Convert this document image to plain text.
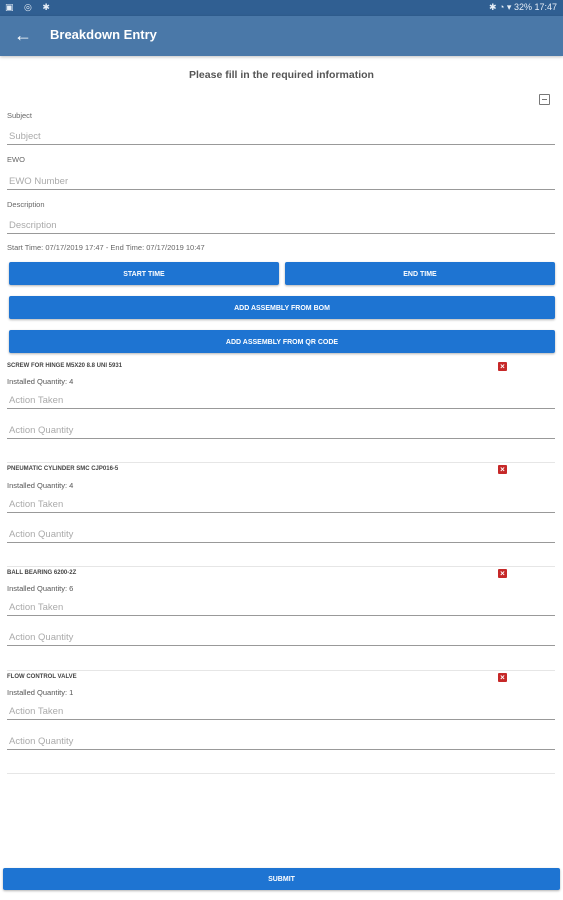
▣ ◎ ✱	✱ ◔ ▾ 32% 17:47
← Breakdown Entry
Please fill in the required information
Subject
Subject
EWO
EWO Number
Description
Description
Start Time: 07/17/2019 17:47 - End Time: 07/17/2019 10:47
START TIME	END TIME
ADD ASSEMBLY FROM BOM
ADD ASSEMBLY FROM QR CODE
SCREW FOR HINGE M5X20 8.8 UNI 5931	×
Installed Quantity: 4
Action Taken
Action Quantity
PNEUMATIC CYLINDER SMC CJP016-5	×
Installed Quantity: 4
Action Taken
Action Quantity
BALL BEARING 6200-2Z	×
Installed Quantity: 6
Action Taken
Action Quantity
FLOW CONTROL VALVE	×
Installed Quantity: 1
Action Taken
Action Quantity
SUBMIT
